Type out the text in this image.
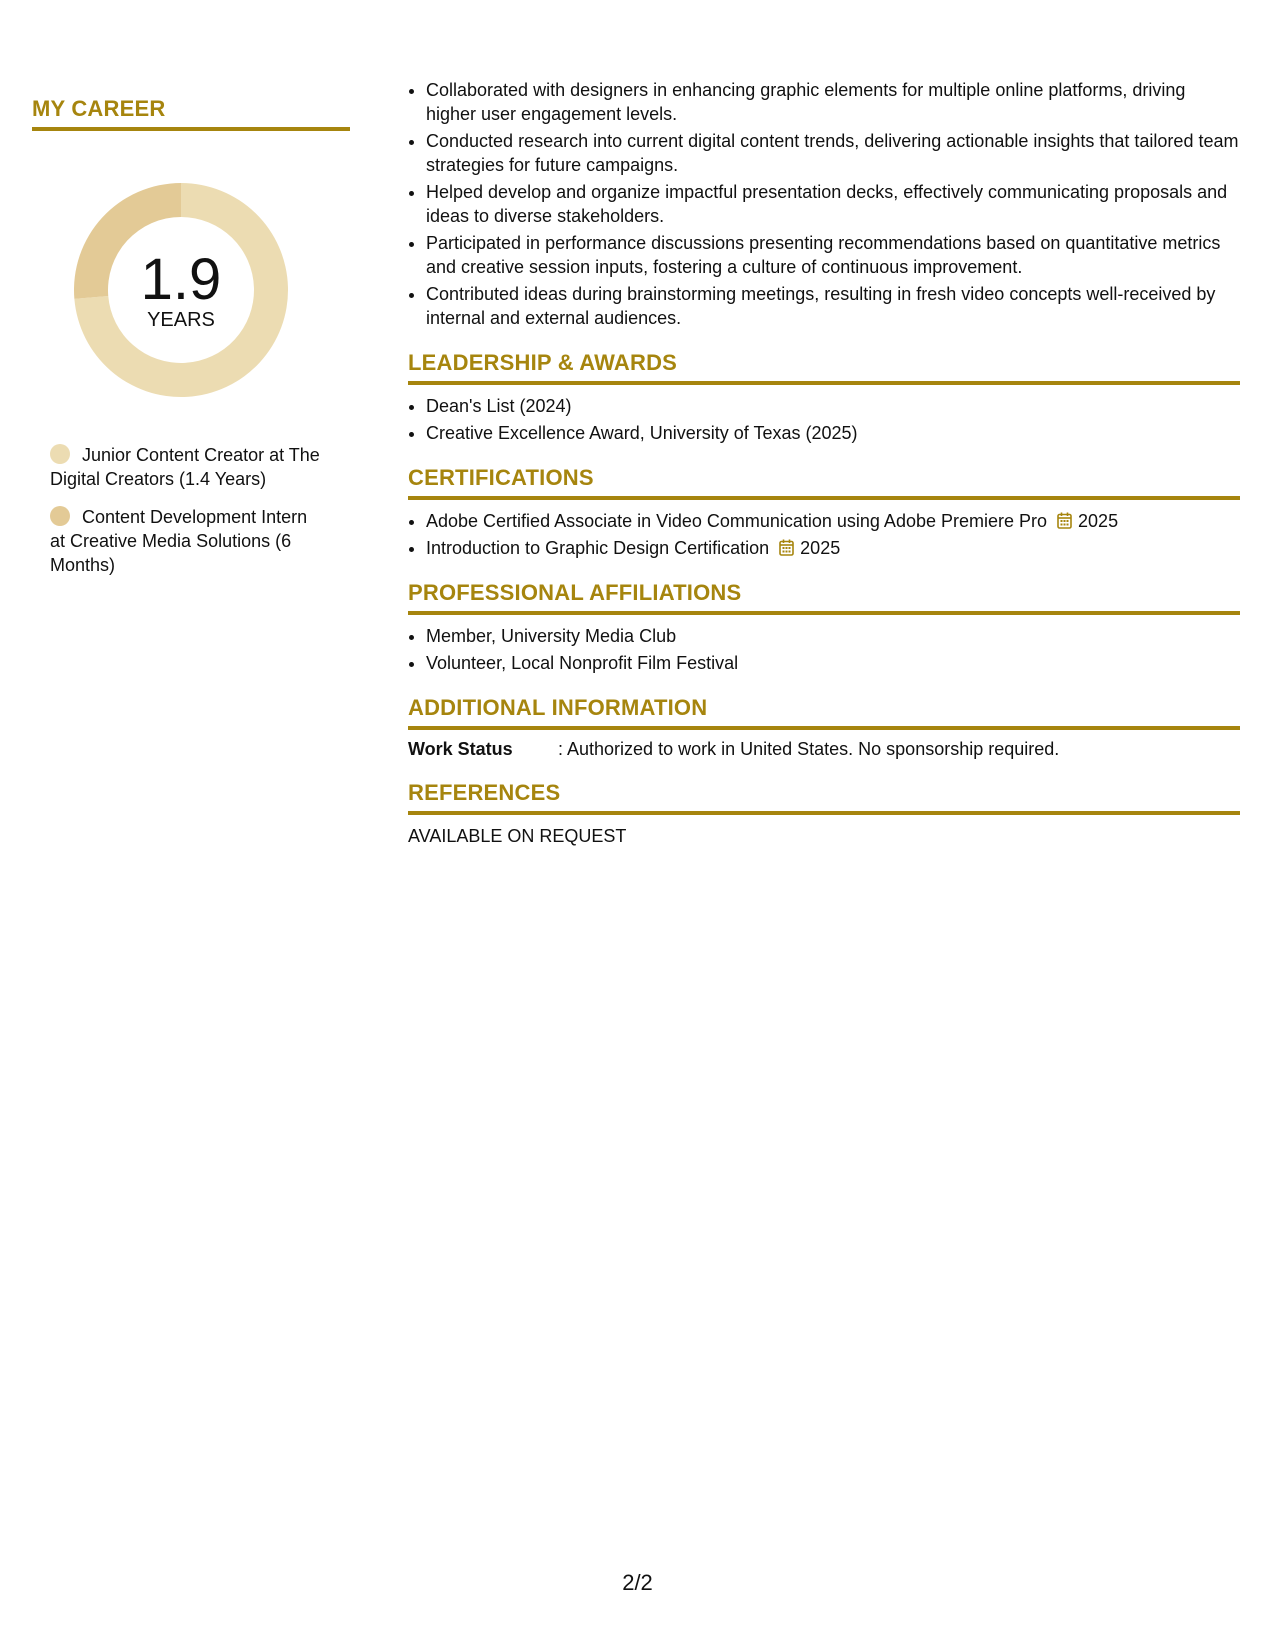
MY CAREER
1.9
YEARS
Junior Content Creator at The Digital Creators (1.4 Years)
Content Development Intern at Creative Media Solutions (6 Months)
• Collaborated with designers in enhancing graphic elements for multiple online platforms, driving higher user engagement levels.
• Conducted research into current digital content trends, delivering actionable insights that tailored team strategies for future campaigns.
• Helped develop and organize impactful presentation decks, effectively communicating proposals and ideas to diverse stakeholders.
• Participated in performance discussions presenting recommendations based on quantitative metrics and creative session inputs, fostering a culture of continuous improvement.
• Contributed ideas during brainstorming meetings, resulting in fresh video concepts well-received by internal and external audiences.
LEADERSHIP & AWARDS
• Dean's List (2024)
• Creative Excellence Award, University of Texas (2025)
CERTIFICATIONS
• Adobe Certified Associate in Video Communication using Adobe Premiere Pro 2025
• Introduction to Graphic Design Certification 2025
PROFESSIONAL AFFILIATIONS
• Member, University Media Club
• Volunteer, Local Nonprofit Film Festival
ADDITIONAL INFORMATION
Work Status	: Authorized to work in United States. No sponsorship required.
REFERENCES
AVAILABLE ON REQUEST
2/2
